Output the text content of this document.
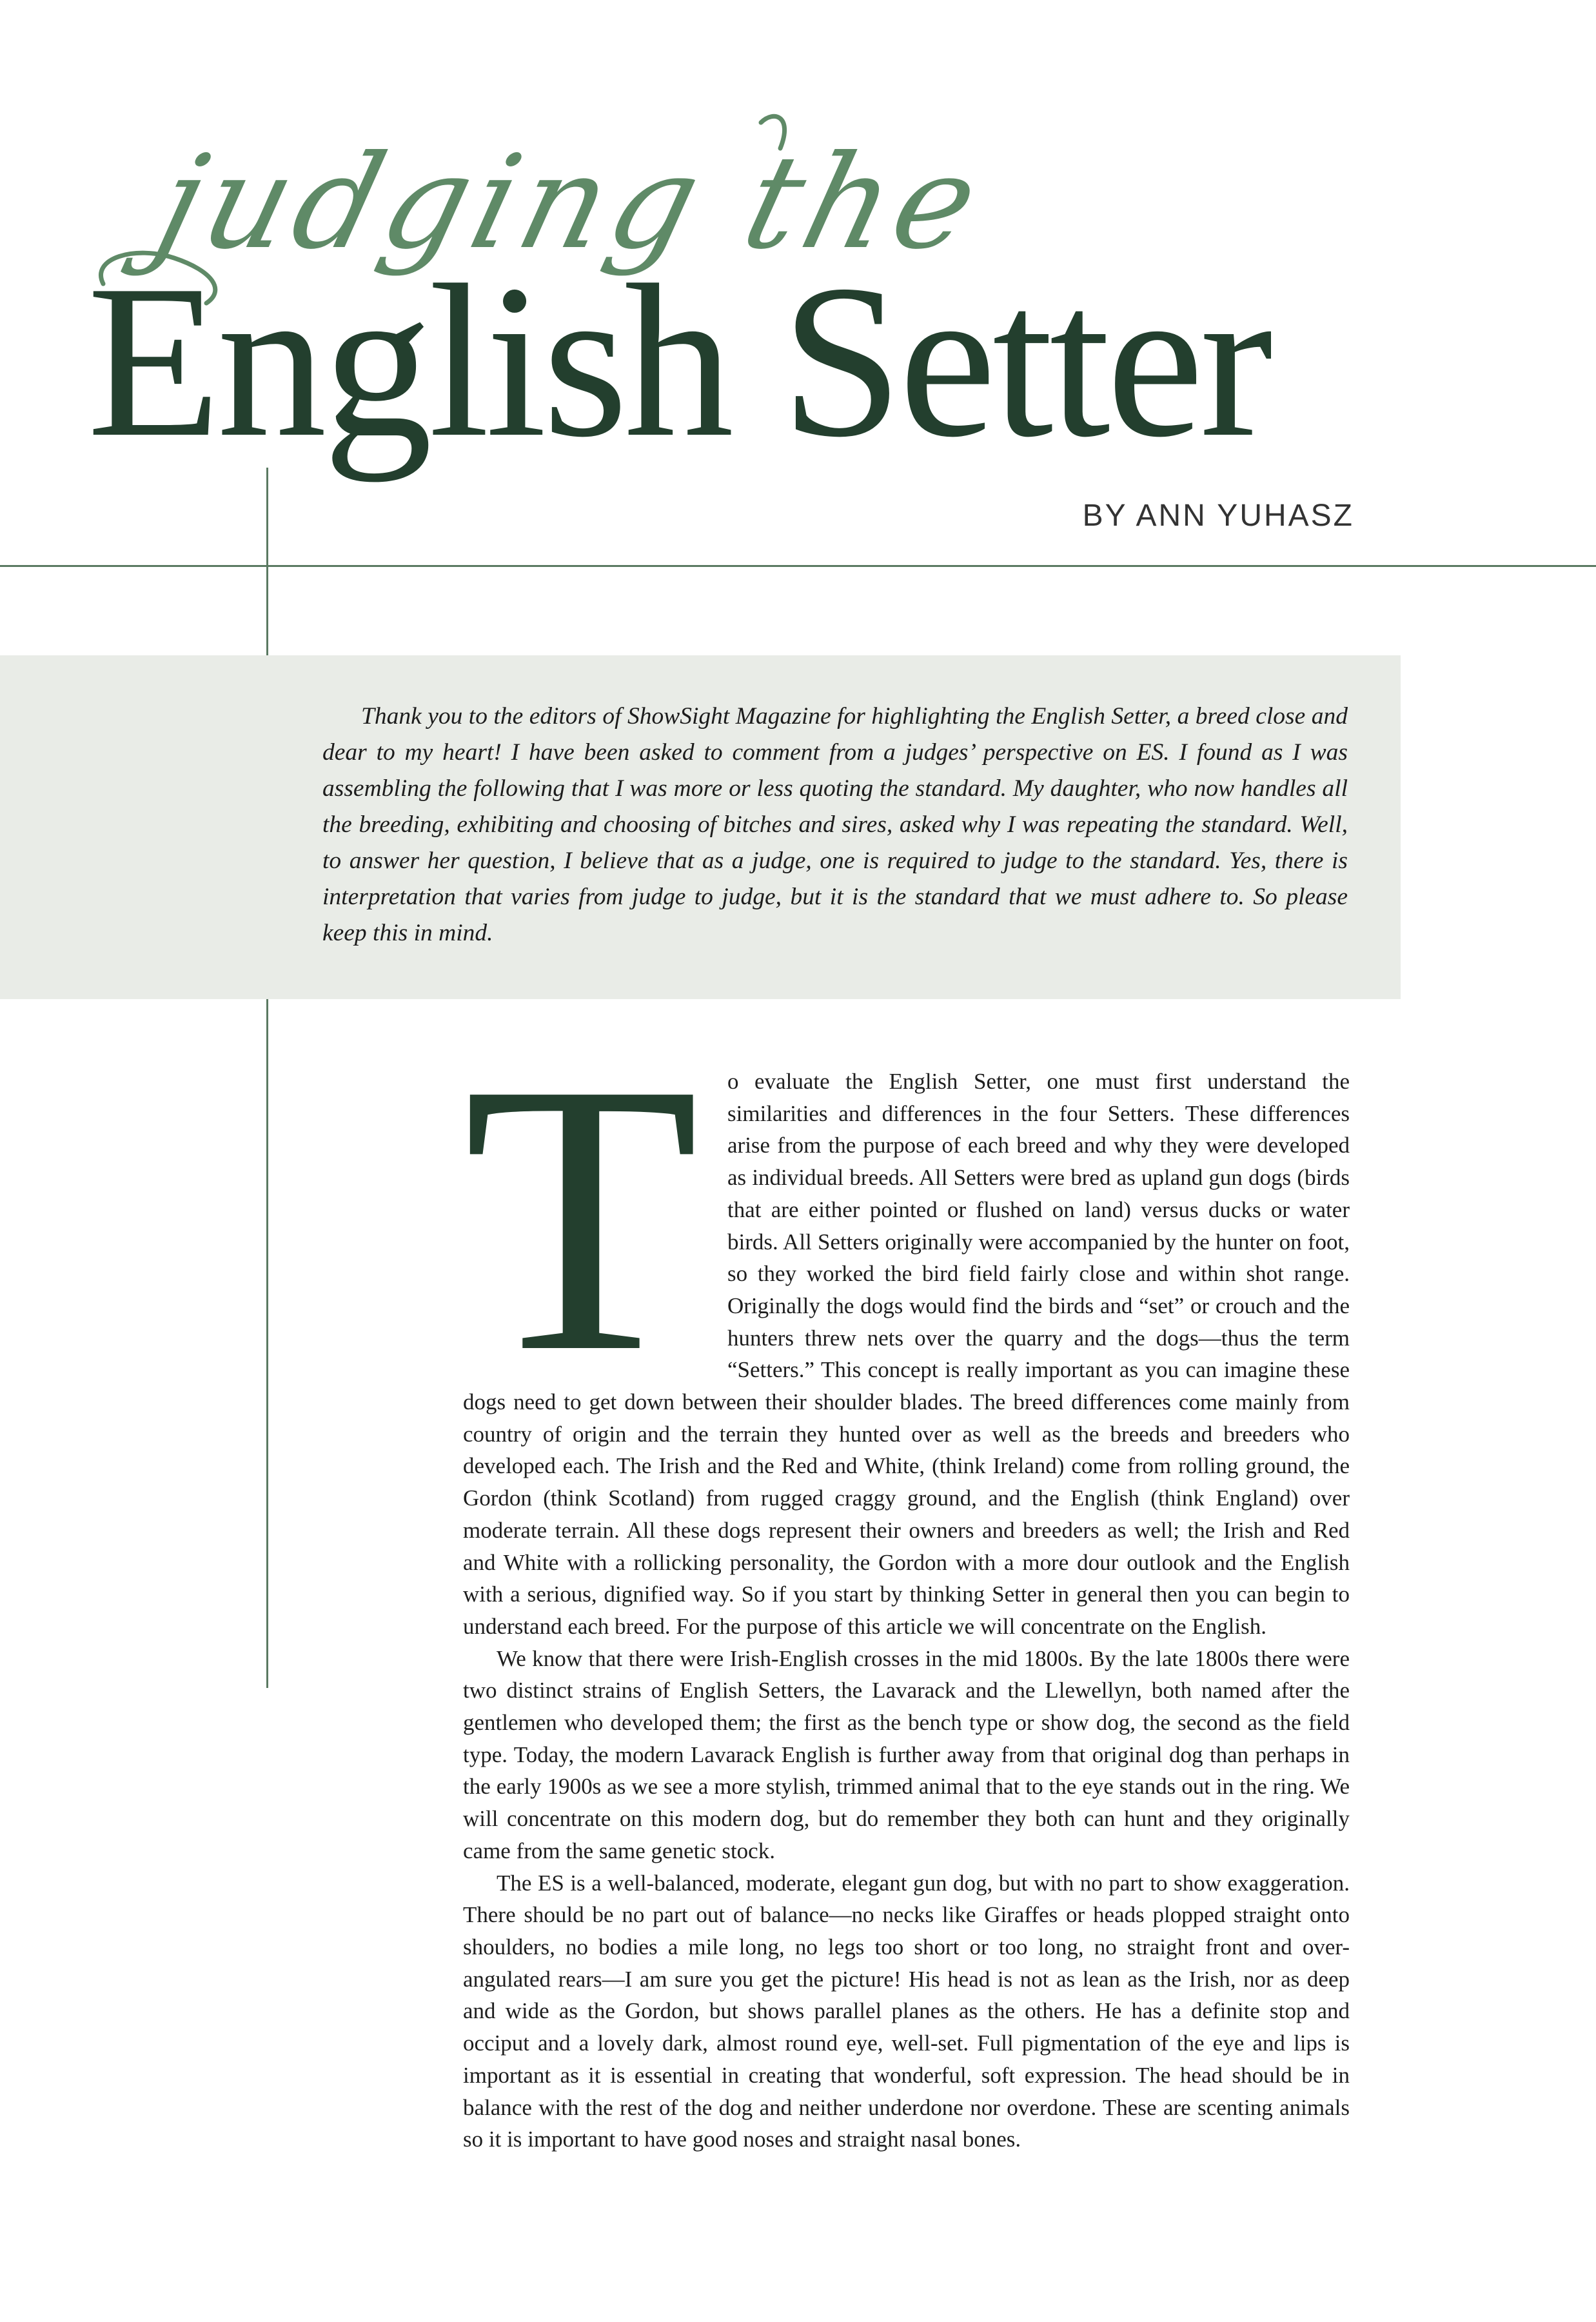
judging the
English Setter
BY ANN YUHASZ

Thank you to the editors of ShowSight Magazine for highlighting the English Setter, a breed close and dear to my heart! I have been asked to comment from a judges’ perspective on ES. I found as I was assembling the following that I was more or less quoting the standard. My daughter, who now handles all the breeding, exhibiting and choosing of bitches and sires, asked why I was repeating the standard. Well, to answer her question, I believe that as a judge, one is required to judge to the standard. Yes, there is interpretation that varies from judge to judge, but it is the standard that we must adhere to. So please keep this in mind.

T	o evaluate the English Setter, one must first understand the similarities and differences in the four Setters. These differences arise from the purpose of each breed and why they were developed as individual breeds. All Setters were bred as upland gun dogs (birds that are either pointed or flushed on land) versus ducks or water birds. All Setters originally were accompanied by the hunter on foot, so they worked the bird field fairly close and within shot range. Originally the dogs would find the birds and “set” or crouch and the hunters threw nets over the quarry and the dogs—thus the term “Setters.” This concept is really important as you can imagine these dogs need to get down between their shoulder blades. The breed differences come mainly from country of origin and the terrain they hunted over as well as the breeds and breeders who developed each. The Irish and the Red and White, (think Ireland) come from rolling ground, the Gordon (think Scotland) from rugged craggy ground, and the English (think England) over moderate terrain. All these dogs represent their owners and breeders as well; the Irish and Red and White with a rollicking personality, the Gordon with a more dour outlook and the English with a serious, dignified way. So if you start by thinking Setter in general then you can begin to understand each breed. For the purpose of this article we will concentrate on the English.

We know that there were Irish-English crosses in the mid 1800s. By the late 1800s there were two distinct strains of English Setters, the Lavarack and the Llewellyn, both named after the gentlemen who developed them; the first as the bench type or show dog, the second as the field type. Today, the modern Lavarack English is further away from that original dog than perhaps in the early 1900s as we see a more stylish, trimmed animal that to the eye stands out in the ring. We will concentrate on this modern dog, but do remember they both can hunt and they originally came from the same genetic stock.

The ES is a well-balanced, moderate, elegant gun dog, but with no part to show exaggeration. There should be no part out of balance—no necks like Giraffes or heads plopped straight onto shoulders, no bodies a mile long, no legs too short or too long, no straight front and over-angulated rears—I am sure you get the picture! His head is not as lean as the Irish, nor as deep and wide as the Gordon, but shows parallel planes as the others. He has a definite stop and occiput and a lovely dark, almost round eye, well-set. Full pigmentation of the eye and lips is important as it is essential in creating that wonderful, soft expression. The head should be in balance with the rest of the dog and neither underdone nor overdone. These are scenting animals so it is important to have good noses and straight nasal bones.
